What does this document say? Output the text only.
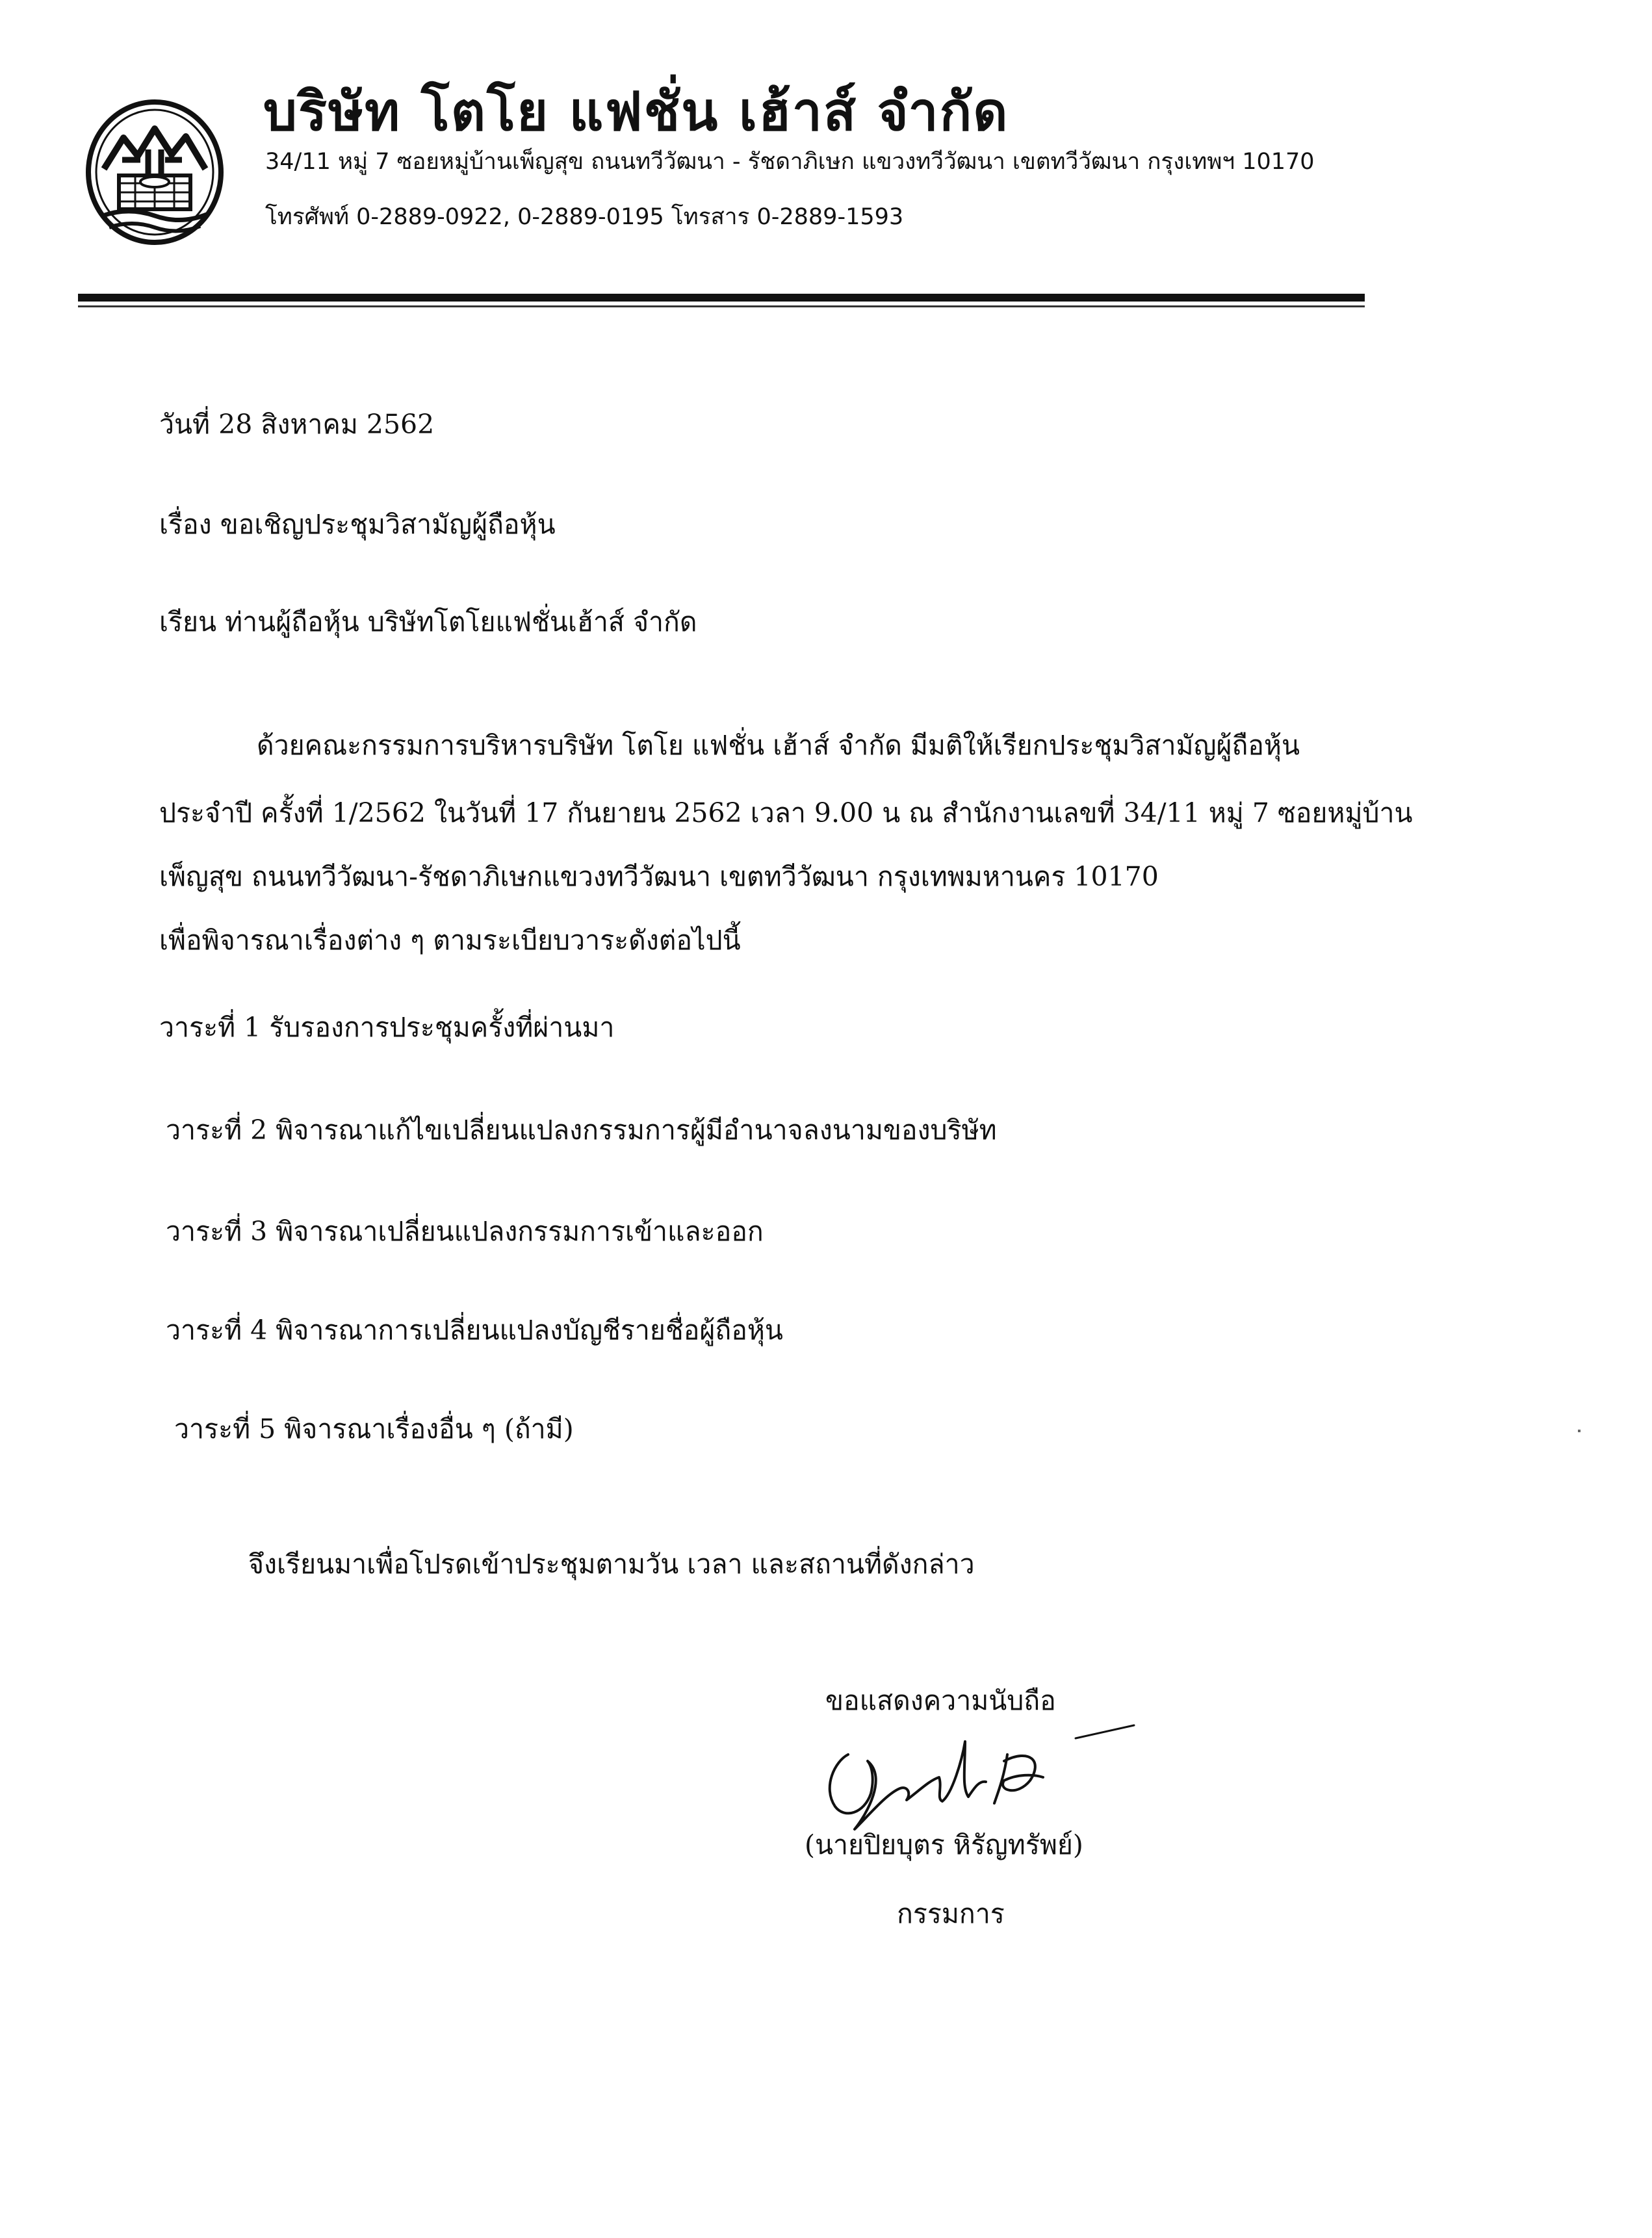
บริษัท โตโย แฟชั่น เฮ้าส์ จำกัด
34/11 หมู่ 7 ซอยหมู่บ้านเพ็ญสุข ถนนทวีวัฒนา - รัชดาภิเษก แขวงทวีวัฒนา เขตทวีวัฒนา กรุงเทพฯ 10170
โทรศัพท์ 0-2889-0922, 0-2889-0195 โทรสาร 0-2889-1593
วันที่ 28 สิงหาคม 2562
เรื่อง ขอเชิญประชุมวิสามัญผู้ถือหุ้น
เรียน ท่านผู้ถือหุ้น บริษัทโตโยแฟชั่นเฮ้าส์ จำกัด
ด้วยคณะกรรมการบริหารบริษัท โตโย แฟชั่น เฮ้าส์ จำกัด มีมติให้เรียกประชุมวิสามัญผู้ถือหุ้น
ประจำปี ครั้งที่ 1/2562 ในวันที่ 17 กันยายน 2562 เวลา 9.00 น ณ สำนักงานเลขที่ 34/11 หมู่ 7 ซอยหมู่บ้าน
เพ็ญสุข ถนนทวีวัฒนา-รัชดาภิเษกแขวงทวีวัฒนา เขตทวีวัฒนา กรุงเทพมหานคร 10170
เพื่อพิจารณาเรื่องต่าง ๆ ตามระเบียบวาระดังต่อไปนี้
วาระที่ 1 รับรองการประชุมครั้งที่ผ่านมา
วาระที่ 2 พิจารณาแก้ไขเปลี่ยนแปลงกรรมการผู้มีอำนาจลงนามของบริษัท
วาระที่ 3 พิจารณาเปลี่ยนแปลงกรรมการเข้าและออก
วาระที่ 4 พิจารณาการเปลี่ยนแปลงบัญชีรายชื่อผู้ถือหุ้น
วาระที่ 5 พิจารณาเรื่องอื่น ๆ (ถ้ามี)
จึงเรียนมาเพื่อโปรดเข้าประชุมตามวัน เวลา และสถานที่ดังกล่าว
ขอแสดงความนับถือ
(นายปิยบุตร หิรัญทรัพย์)
กรรมการ
